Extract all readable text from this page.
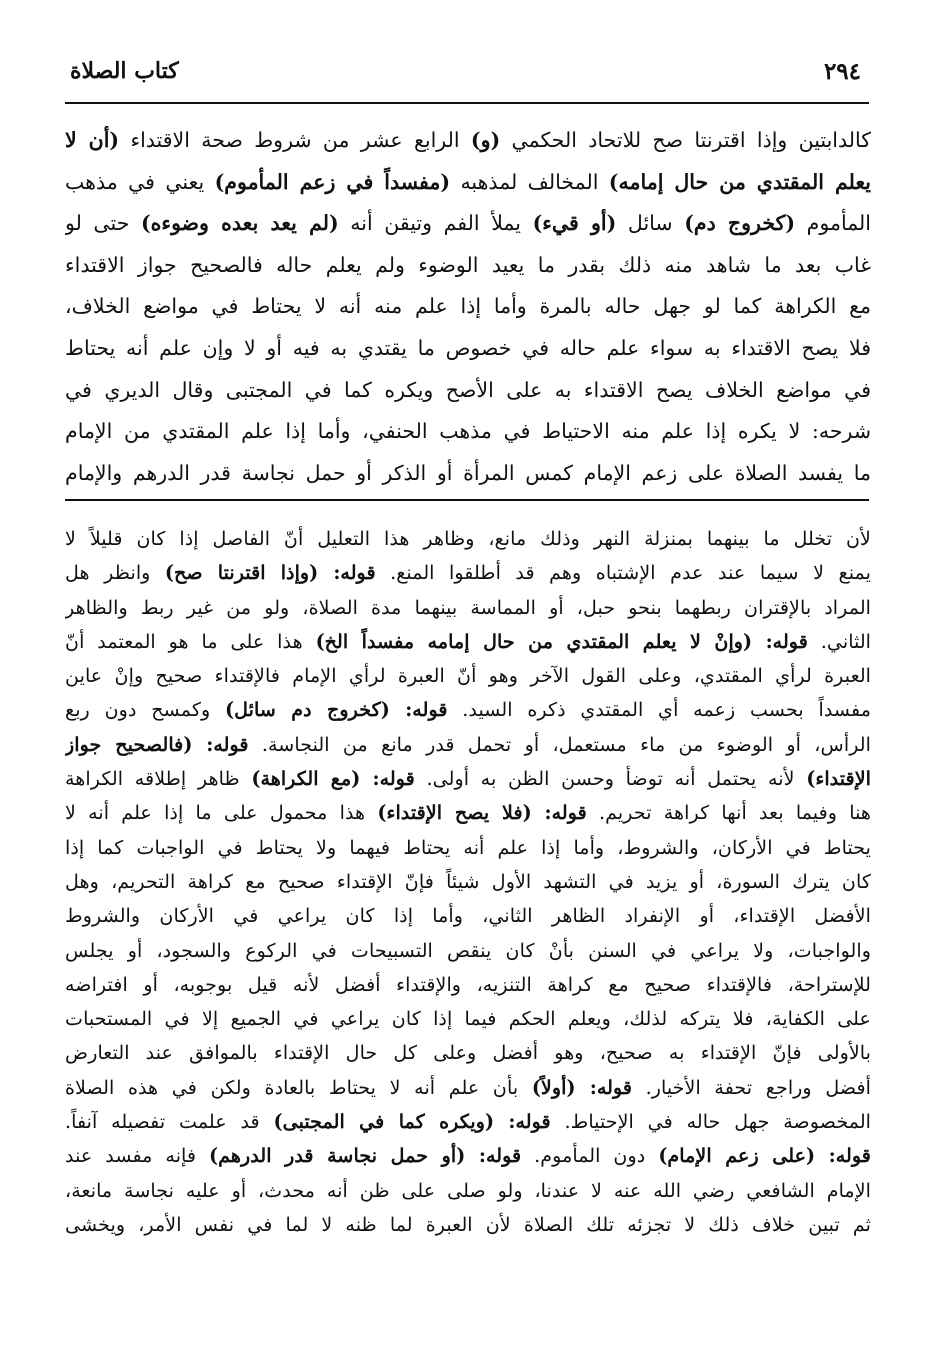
٢٩٤
كتاب الصلاة
كالدابتين وإذا اقترنتا صح للاتحاد الحكمي (و) الرابع عشر من شروط صحة الاقتداء (أن لا
يعلم المقتدي من حال إمامه) المخالف لمذهبه (مفسداً في زعم المأموم) يعني في مذهب
المأموم (كخروج دم) سائل (أو قيء) يملأ الفم وتيقن أنه (لم يعد بعده وضوءه) حتى لو
غاب بعد ما شاهد منه ذلك بقدر ما يعيد الوضوء ولم يعلم حاله فالصحيح جواز الاقتداء
مع الكراهة كما لو جهل حاله بالمرة وأما إذا علم منه أنه لا يحتاط في مواضع الخلاف،
فلا يصح الاقتداء به سواء علم حاله في خصوص ما يقتدي به فيه أو لا وإن علم أنه يحتاط
في مواضع الخلاف يصح الاقتداء به على الأصح ويكره كما في المجتبى وقال الديري في
شرحه: لا يكره إذا علم منه الاحتياط في مذهب الحنفي، وأما إذا علم المقتدي من الإمام
ما يفسد الصلاة على زعم الإمام كمس المرأة أو الذكر أو حمل نجاسة قدر الدرهم والإمام
لأن تخلل ما بينهما بمنزلة النهر وذلك مانع، وظاهر هذا التعليل أنّ الفاصل إذا كان قليلاً لا
يمنع لا سيما عند عدم الإشتباه وهم قد أطلقوا المنع. قوله: (وإذا اقترنتا صح) وانظر هل
المراد بالإقتران ربطهما بنحو حبل، أو المماسة بينهما مدة الصلاة، ولو من غير ربط والظاهر
الثاني. قوله: (وإنْ لا يعلم المقتدي من حال إمامه مفسداً الخ) هذا على ما هو المعتمد أنّ
العبرة لرأي المقتدي، وعلى القول الآخر وهو أنّ العبرة لرأي الإمام فالإقتداء صحيح وإنْ عاين
مفسداً بحسب زعمه أي المقتدي ذكره السيد. قوله: (كخروج دم سائل) وكمسح دون ربع
الرأس، أو الوضوء من ماء مستعمل، أو تحمل قدر مانع من النجاسة. قوله: (فالصحيح جواز
الإقتداء) لأنه يحتمل أنه توضأ وحسن الظن به أولى. قوله: (مع الكراهة) ظاهر إطلاقه الكراهة
هنا وفيما بعد أنها كراهة تحريم. قوله: (فلا يصح الإقتداء) هذا محمول على ما إذا علم أنه لا
يحتاط في الأركان، والشروط، وأما إذا علم أنه يحتاط فيهما ولا يحتاط في الواجبات كما إذا
كان يترك السورة، أو يزيد في التشهد الأول شيئاً فإنّ الإقتداء صحيح مع كراهة التحريم، وهل
الأفضل الإقتداء، أو الإنفراد الظاهر الثاني، وأما إذا كان يراعي في الأركان والشروط
والواجبات، ولا يراعي في السنن بأنْ كان ينقص التسبيحات في الركوع والسجود، أو يجلس
للإستراحة، فالإقتداء صحيح مع كراهة التنزيه، والإقتداء أفضل لأنه قيل بوجوبه، أو افتراضه
على الكفاية، فلا يتركه لذلك، ويعلم الحكم فيما إذا كان يراعي في الجميع إلا في المستحبات
بالأولى فإنّ الإقتداء به صحيح، وهو أفضل وعلى كل حال الإقتداء بالموافق عند التعارض
أفضل وراجع تحفة الأخيار. قوله: (أولاً) بأن علم أنه لا يحتاط بالعادة ولكن في هذه الصلاة
المخصوصة جهل حاله في الإحتياط. قوله: (ويكره كما في المجتبى) قد علمت تفصيله آنفاً.
قوله: (على زعم الإمام) دون المأموم. قوله: (أو حمل نجاسة قدر الدرهم) فإنه مفسد عند
الإمام الشافعي رضي الله عنه لا عندنا، ولو صلى على ظن أنه محدث، أو عليه نجاسة مانعة،
ثم تبين خلاف ذلك لا تجزئه تلك الصلاة لأن العبرة لما ظنه لا لما في نفس الأمر، ويخشى
